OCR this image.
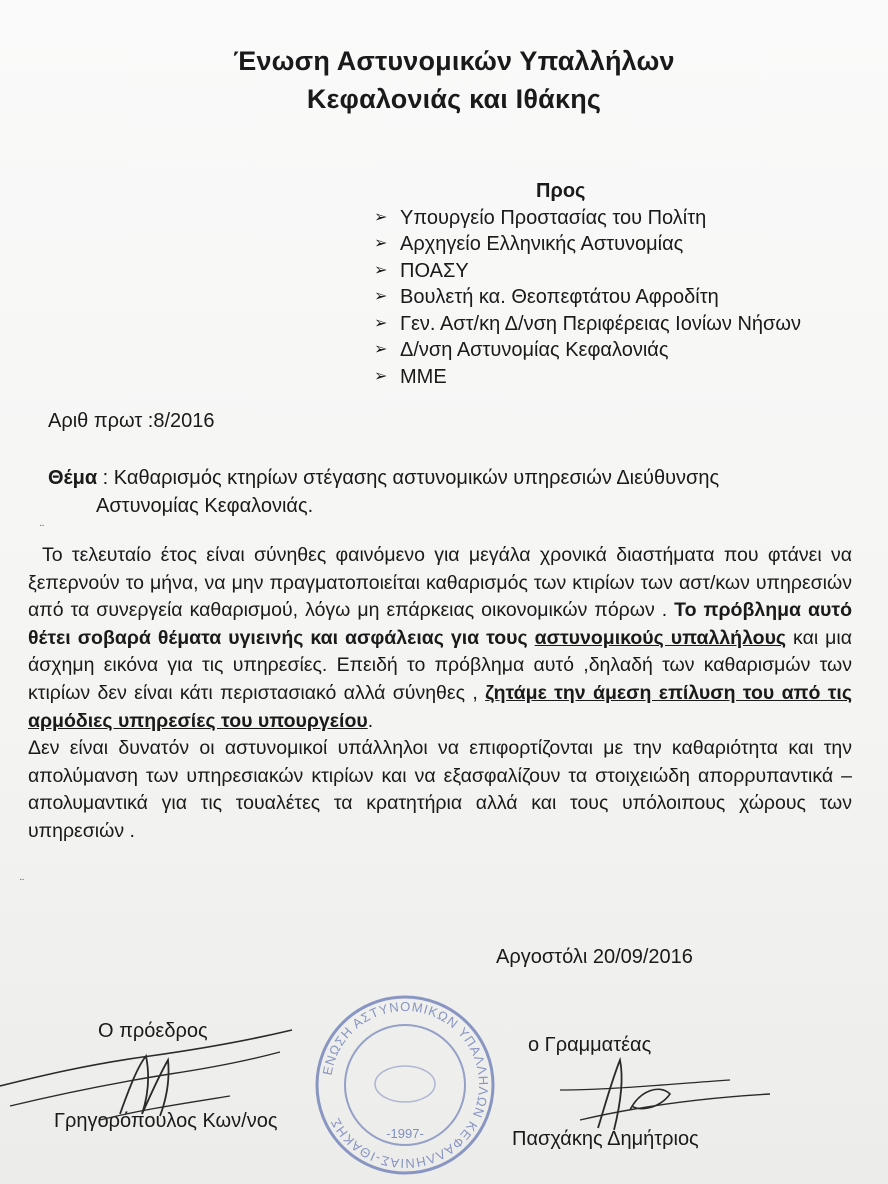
Ένωση Αστυνομικών Υπαλλήλων
Κεφαλονιάς και Ιθάκης
Προς
➢ Υπουργείο Προστασίας του Πολίτη
➢ Αρχηγείο Ελληνικής Αστυνομίας
➢ ΠΟΑΣΥ
➢ Βουλετή κα. Θεοπεφτάτου Αφροδίτη
➢ Γεν. Αστ/κη Δ/νση Περιφέρειας Ιονίων Νήσων
➢ Δ/νση Αστυνομίας Κεφαλονιάς
➢ ΜΜΕ
Αριθ πρωτ :8/2016
Θέμα : Καθαρισμός κτηρίων στέγασης αστυνομικών υπηρεσιών Διεύθυνσης
Αστυνομίας Κεφαλονιάς.
¨

Το τελευταίο έτος είναι σύνηθες φαινόμενο για μεγάλα χρονικά διαστήματα που φτάνει να ξεπερνούν το μήνα, να μην πραγματοποιείται καθαρισμός των κτιρίων των αστ/κων υπηρεσιών από τα συνεργεία καθαρισμού, λόγω μη επάρκειας οικονομικών πόρων . Το πρόβλημα αυτό θέτει σοβαρά θέματα υγιεινής και ασφάλειας για τους αστυνομικούς υπαλλήλους και μια άσχημη εικόνα για τις υπηρεσίες. Επειδή το πρόβλημα αυτό ,δηλαδή των καθαρισμών των κτιρίων δεν είναι κάτι περιστασιακό αλλά σύνηθες , ζητάμε την άμεση επίλυση του από τις αρμόδιες υπηρεσίες του υπουργείου.

Δεν είναι δυνατόν οι αστυνομικοί υπάλληλοι να επιφορτίζονται με την καθαριότητα και την απολύμανση των υπηρεσιακών κτιρίων και να εξασφαλίζουν τα στοιχειώδη απορρυπαντικά –απολυμαντικά για τις τουαλέτες τα κρατητήρια αλλά και τους υπόλοιπους χώρους των υπηρεσιών .

¨
Αργοστόλι 20/09/2016
Ο πρόεδρος
Γρηγορόπουλος Κων/νος
ο Γραμματέας
Πασχάκης Δημήτριος
ΕΝΩΣΗ ΑΣΤΥΝΟΜΙΚΩΝ ΥΠΑΛΛΗΛΩΝ ΚΕΦΑΛΛΗΝΙΑΣ-ΙΘΑΚΗΣ
-1997-
